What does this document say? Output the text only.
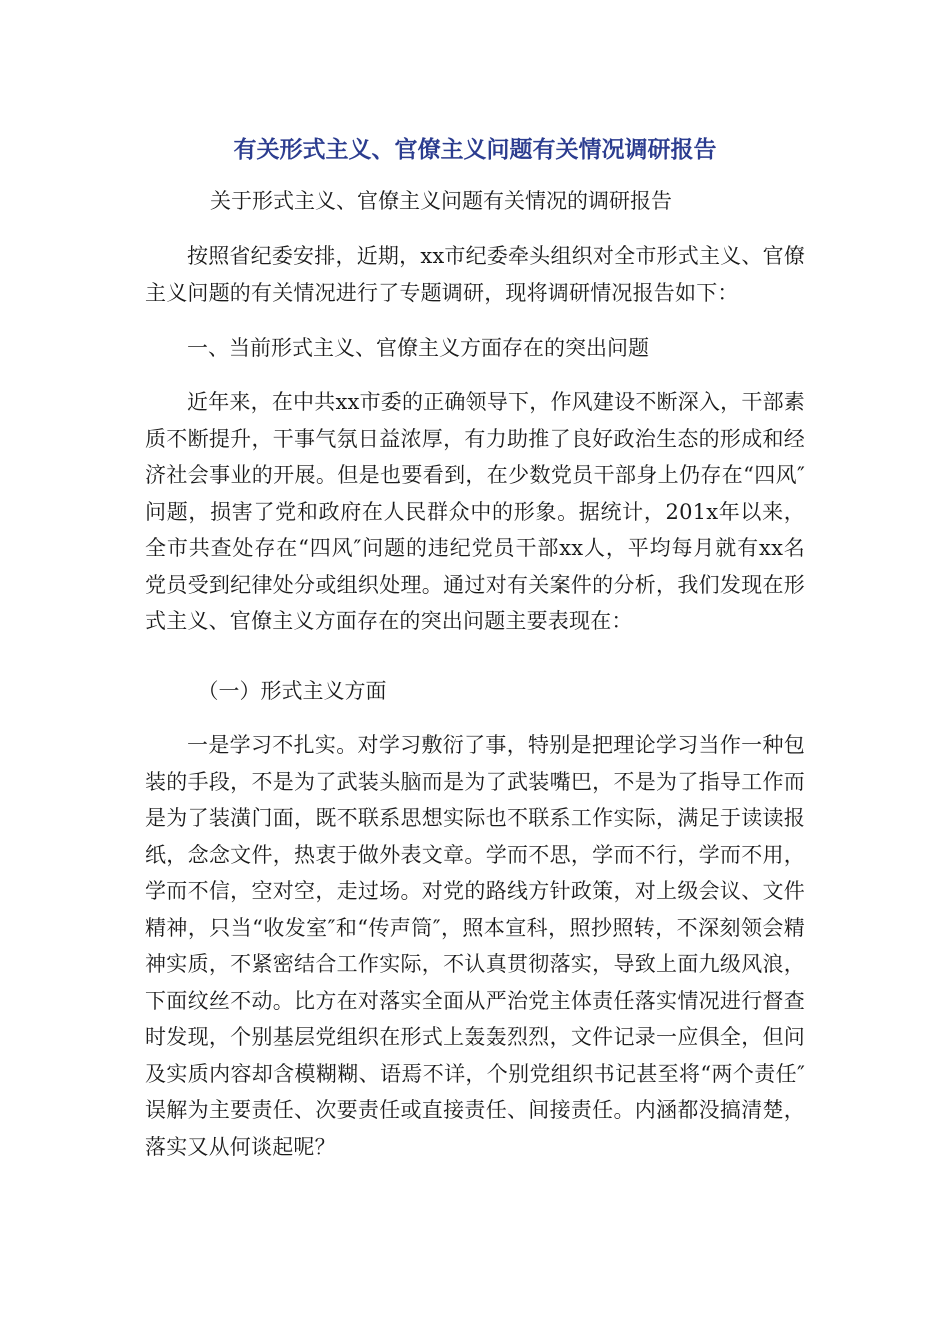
有关形式主义、官僚主义问题有关情况调研报告

关于形式主义、官僚主义问题有关情况的调研报告

按照省纪委安排，近期，xx市纪委牵头组织对全市形式主义、官僚主义问题的有关情况进行了专题调研，现将调研情况报告如下：

一、当前形式主义、官僚主义方面存在的突出问题

近年来，在中共xx市委的正确领导下，作风建设不断深入，干部素质不断提升，干事气氛日益浓厚，有力助推了良好政治生态的形成和经济社会事业的开展。但是也要看到，在少数党员干部身上仍存在“四风″问题，损害了党和政府在人民群众中的形象。据统计，201x年以来，全市共查处存在“四风″问题的违纪党员干部xx人，平均每月就有xx名党员受到纪律处分或组织处理。通过对有关案件的分析，我们发现在形式主义、官僚主义方面存在的突出问题主要表现在：

（一）形式主义方面

一是学习不扎实。对学习敷衍了事，特别是把理论学习当作一种包装的手段，不是为了武装头脑而是为了武装嘴巴，不是为了指导工作而是为了装潢门面，既不联系思想实际也不联系工作实际，满足于读读报纸，念念文件，热衷于做外表文章。学而不思，学而不行，学而不用，学而不信，空对空，走过场。对党的路线方针政策，对上级会议、文件精神，只当“收发室″和“传声筒″，照本宣科，照抄照转，不深刻领会精神实质，不紧密结合工作实际，不认真贯彻落实，导致上面九级风浪，下面纹丝不动。比方在对落实全面从严治党主体责任落实情况进行督查时发现，个别基层党组织在形式上轰轰烈烈，文件记录一应俱全，但问及实质内容却含模糊糊、语焉不详，个别党组织书记甚至将“两个责任″误解为主要责任、次要责任或直接责任、间接责任。内涵都没搞清楚，落实又从何谈起呢？
